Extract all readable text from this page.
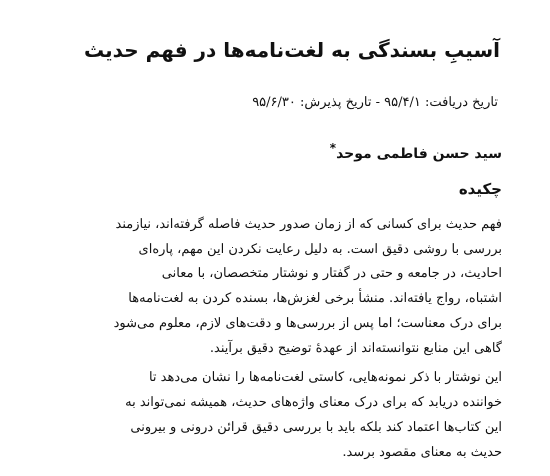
آسیبِ بسندگی به لغت‌نامه‌ها در فهم حدیث
تاریخ دریافت: ۹۵/۴/۱ - تاریخ پذیرش: ۹۵/۶/۳۰
سید حسن فاطمی موحد*
چکیده
فهم حدیث برای کسانی که از زمان صدور حدیث فاصله گرفته‌اند، نیازمند
بررسی با روشی دقیق است. به دلیل رعایت نکردن این مهم، پاره‌ای
احادیث، در جامعه و حتی در گفتار و نوشتار متخصصان، با معانی
اشتباه، رواج یافته‌اند. منشأ برخی لغزش‌ها، بسنده کردن به لغت‌نامه‌ها
برای درک معناست؛ اما پس از بررسی‌ها و دقت‌های لازم، معلوم می‌شود
گاهی این منابع نتوانسته‌اند از عهدهٔ توضیح دقیق برآیند.
این نوشتار با ذکر نمونه‌هایی، کاستی لغت‌نامه‌ها را نشان می‌دهد تا
خواننده دریابد که برای درک معنای واژه‌های حدیث، همیشه نمی‌تواند به
این کتاب‌ها اعتماد کند بلکه باید با بررسی دقیق قرائن درونی و بیرونی
حدیث به معنای مقصود برسد.
